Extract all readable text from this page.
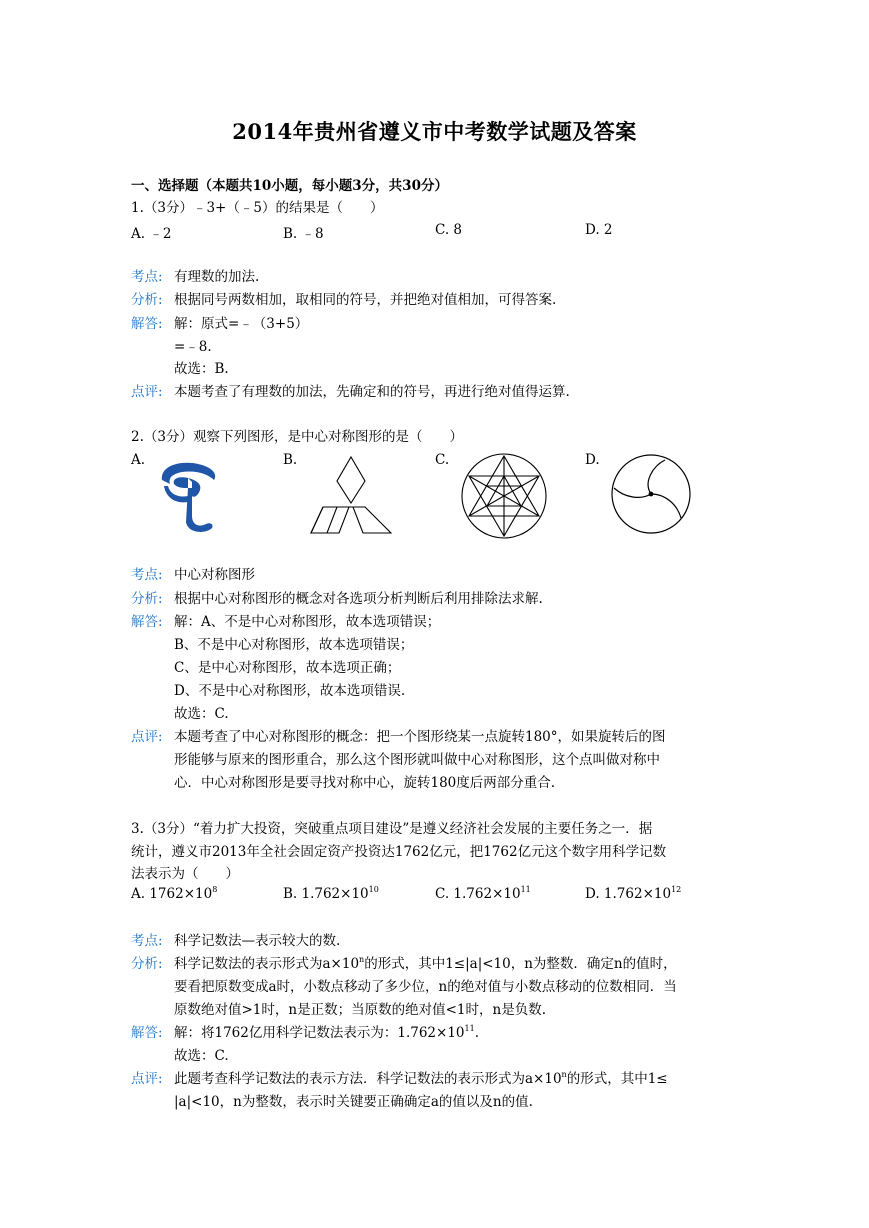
2014年贵州省遵义市中考数学试题及答案
一、选择题（本题共10小题，每小题3分，共30分）
1.（3分）﹣3+（﹣5）的结果是（　　）
A. ﹣2	B. ﹣8	C. 8	D. 2
考点: 有理数的加法.
分析: 根据同号两数相加，取相同的符号，并把绝对值相加，可得答案.
解答: 解：原式=﹣（3+5）
=﹣8.
故选：B.
点评: 本题考查了有理数的加法，先确定和的符号，再进行绝对值得运算.
2.（3分）观察下列图形，是中心对称图形的是（　　）
A.	B.	C.	D.
考点: 中心对称图形
分析: 根据中心对称图形的概念对各选项分析判断后利用排除法求解.
解答: 解：A、不是中心对称图形，故本选项错误；
B、不是中心对称图形，故本选项错误；
C、是中心对称图形，故本选项正确；
D、不是中心对称图形，故本选项错误.
故选：C.
点评: 本题考查了中心对称图形的概念：把一个图形绕某一点旋转180°，如果旋转后的图
形能够与原来的图形重合，那么这个图形就叫做中心对称图形，这个点叫做对称中
心．中心对称图形是要寻找对称中心，旋转180度后两部分重合.
3.（3分）“着力扩大投资，突破重点项目建设”是遵义经济社会发展的主要任务之一．据
统计，遵义市2013年全社会固定资产投资达1762亿元，把1762亿元这个数字用科学记数
法表示为（　　）
A. $1762\times 10^8$	B. $1.762\times 10^{10}$	C. $1.762\times 10^{11}$	D. $1.762\times 10^{12}$
考点: 科学记数法—表示较大的数.
分析: 科学记数法的表示形式为$a\times 10^n$的形式，其中1≤|a|<10，n为整数．确定n的值时，
要看把原数变成a时，小数点移动了多少位，n的绝对值与小数点移动的位数相同．当
原数绝对值>1时，n是正数；当原数的绝对值<1时，n是负数.
解答: 解：将1762亿用科学记数法表示为：$1.762\times 10^{11}$.
故选：C.
点评: 此题考查科学记数法的表示方法．科学记数法的表示形式为$a\times 10^n$的形式，其中1≤
|a|<10，n为整数，表示时关键要正确确定a的值以及n的值.
